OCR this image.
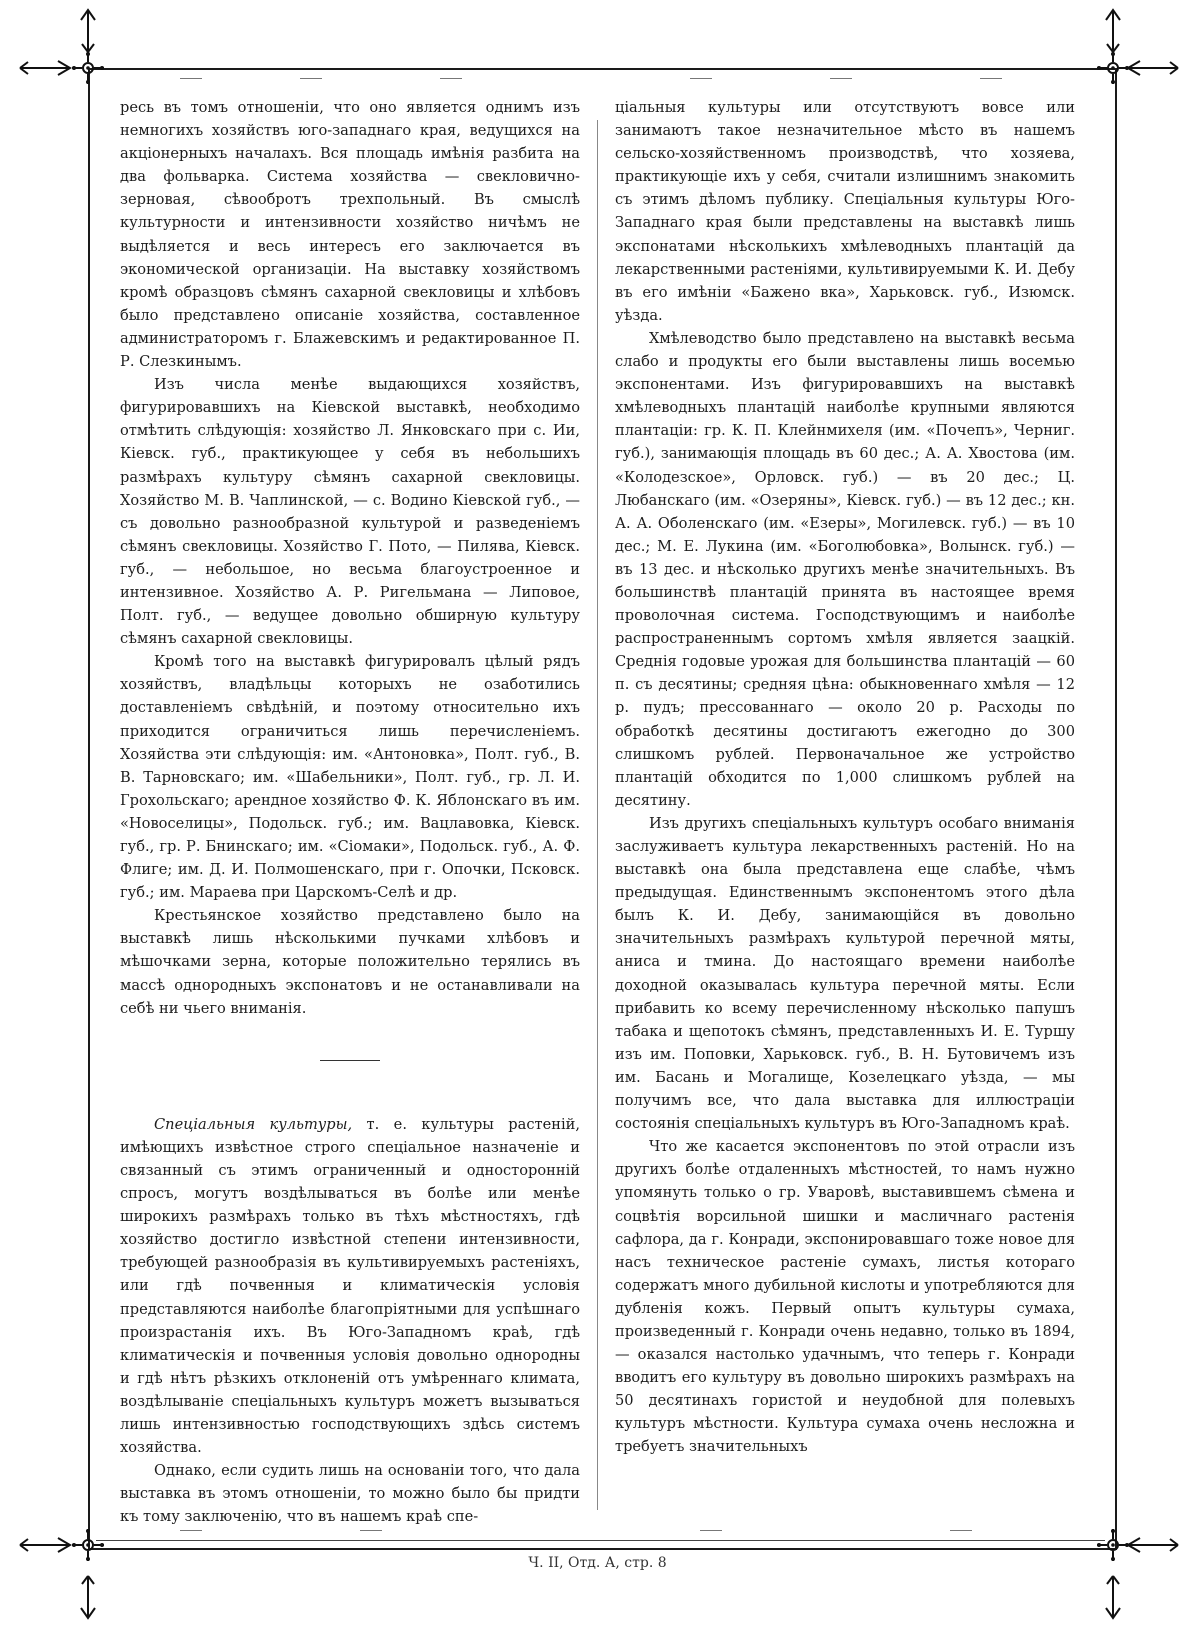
ресь въ томъ отношеніи, что оно является однимъ изъ немногихъ хозяйствъ юго-западнаго края, ведущихся на акціонерныхъ началахъ. Вся площадь имѣнія разбита на два фольварка. Система хозяйства — свекловично-зерновая, сѣвообротъ трехпольный. Въ смыслѣ культурности и интензивности хозяйство ничѣмъ не выдѣляется и весь интересъ его заключается въ экономической организаціи. На выставку хозяйствомъ кромѣ образцовъ сѣмянъ сахарной свекловицы и хлѣбовъ было представлено описаніе хозяйства, составленное администраторомъ г. Блажевскимъ и редактированное П. Р. Слезкинымъ.

Изъ числа менѣе выдающихся хозяйствъ, фигурировавшихъ на Кіевской выставкѣ, необходимо отмѣтить слѣдующія: хозяйство Л. Янковскаго при с. Ии, Кіевск. губ., практикующее у себя въ небольшихъ размѣрахъ культуру сѣмянъ сахарной свекловицы. Хозяйство М. В. Чаплинской, — с. Водино Кіевской губ., — съ довольно разнообразной культурой и разведеніемъ сѣмянъ свекловицы. Хозяйство Г. Пото, — Пилява, Кіевск. губ., — небольшое, но весьма благоустроенное и интензивное. Хозяйство А. Р. Ригельмана — Липовое, Полт. губ., — ведущее довольно обширную культуру сѣмянъ сахарной свекловицы.

Кромѣ того на выставкѣ фигурировалъ цѣлый рядъ хозяйствъ, владѣльцы которыхъ не озаботились доставленіемъ свѣдѣній, и поэтому относительно ихъ приходится ограничиться лишь перечисленіемъ. Хозяйства эти слѣдующія: им. «Антоновка», Полт. губ., В. В. Тарновскаго; им. «Шабельники», Полт. губ., гр. Л. И. Грохольскаго; арендное хозяйство Ф. К. Яблонскаго въ им. «Новоселицы», Подольск. губ.; им. Вацлавовка, Кіевск. губ., гр. Р. Бнинскаго; им. «Сіомаки», Подольск. губ., А. Ф. Флиге; им. Д. И. Полмошенскаго, при г. Опочки, Псковск. губ.; им. Мараева при Царскомъ-Селѣ и др.

Крестьянское хозяйство представлено было на выставкѣ лишь нѣсколькими пучками хлѣбовъ и мѣшочками зерна, которые положительно терялись въ массѣ однородныхъ экспонатовъ и не останавливали на себѣ ни чьего вниманія.

Спеціальныя культуры, т. е. культуры растеній, имѣющихъ извѣстное строго спеціальное назначеніе и связанный съ этимъ ограниченный и односторонній спросъ, могутъ воздѣлываться въ болѣе или менѣе широкихъ размѣрахъ только въ тѣхъ мѣстностяхъ, гдѣ хозяйство достигло извѣстной степени интензивности, требующей разнообразія въ культивируемыхъ растеніяхъ, или гдѣ почвенныя и климатическія условія представляются наиболѣе благопріятными для успѣшнаго произрастанія ихъ. Въ Юго-Западномъ краѣ, гдѣ климатическія и почвенныя условія довольно однородны и гдѣ нѣтъ рѣзкихъ отклоненій отъ умѣреннаго климата, воздѣлываніе спеціальныхъ культуръ можетъ вызываться лишь интензивностью господствующихъ здѣсь системъ хозяйства.

Однако, если судить лишь на основаніи того, что дала выставка въ этомъ отношеніи, то можно было бы придти къ тому заключенію, что въ нашемъ краѣ спе-

ціальныя культуры или отсутствуютъ вовсе или занимаютъ такое незначительное мѣсто въ нашемъ сельско-хозяйственномъ производствѣ, что хозяева, практикующіе ихъ у себя, считали излишнимъ знакомить съ этимъ дѣломъ публику. Спеціальныя культуры Юго-Западнаго края были представлены на выставкѣ лишь экспонатами нѣсколькихъ хмѣлеводныхъ плантацій да лекарственными растеніями, культивируемыми К. И. Дебу въ его имѣніи «Бажено вка», Харьковск. губ., Изюмск. уѣзда.

Хмѣлеводство было представлено на выставкѣ весьма слабо и продукты его были выставлены лишь восемью экспонентами. Изъ фигурировавшихъ на выставкѣ хмѣлеводныхъ плантацій наиболѣе крупными являются плантаціи: гр. К. П. Клейнмихеля (им. «Почепъ», Черниг. губ.), занимающія площадь въ 60 дес.; А. А. Хвостова (им. «Колодезское», Орловск. губ.) — въ 20 дес.; Ц. Любанскаго (им. «Озеряны», Кіевск. губ.) — въ 12 дес.; кн. А. А. Оболенскаго (им. «Езеры», Могилевск. губ.) — въ 10 дес.; М. Е. Лукина (им. «Боголюбовка», Волынск. губ.) — въ 13 дес. и нѣсколько другихъ менѣе значительныхъ. Въ большинствѣ плантацій принята въ настоящее время проволочная система. Господствующимъ и наиболѣе распространеннымъ сортомъ хмѣля является заацкій. Среднія годовые урожая для большинства плантацій — 60 п. съ десятины; средняя цѣна: обыкновеннаго хмѣля — 12 р. пудъ; прессованнаго — около 20 р. Расходы по обработкѣ десятины достигаютъ ежегодно до 300 слишкомъ рублей. Первоначальное же устройство плантацій обходится по 1,000 слишкомъ рублей на десятину.

Изъ другихъ спеціальныхъ культуръ особаго вниманія заслуживаетъ культура лекарственныхъ растеній. Но на выставкѣ она была представлена еще слабѣе, чѣмъ предыдущая. Единственнымъ экспонентомъ этого дѣла былъ К. И. Дебу, занимающійся въ довольно значительныхъ размѣрахъ культурой перечной мяты, аниса и тмина. До настоящаго времени наиболѣе доходной оказывалась культура перечной мяты. Если прибавить ко всему перечисленному нѣсколько папушъ табака и щепотокъ сѣмянъ, представленныхъ И. Е. Туршу изъ им. Поповки, Харьковск. губ., В. Н. Бутовичемъ изъ им. Басань и Могалище, Козелецкаго уѣзда, — мы получимъ все, что дала выставка для иллюстраціи состоянія спеціальныхъ культуръ въ Юго-Западномъ краѣ.

Что же касается экспонентовъ по этой отрасли изъ другихъ болѣе отдаленныхъ мѣстностей, то намъ нужно упомянуть только о гр. Уваровѣ, выставившемъ сѣмена и соцвѣтія ворсильной шишки и масличнаго растенія сафлора, да г. Конради, экспонировавшаго тоже новое для насъ техническое растеніе сумахъ, листья котораго содержатъ много дубильной кислоты и употребляются для дубленія кожъ. Первый опытъ культуры сумаха, произведенный г. Конради очень недавно, только въ 1894, — оказался настолько удачнымъ, что теперь г. Конради вводитъ его культуру въ довольно широкихъ размѣрахъ на 50 десятинахъ гористой и неудобной для полевыхъ культуръ мѣстности. Культура сумаха очень несложна и требуетъ значительныхъ

Ч. II, Отд. А, стр. 8
